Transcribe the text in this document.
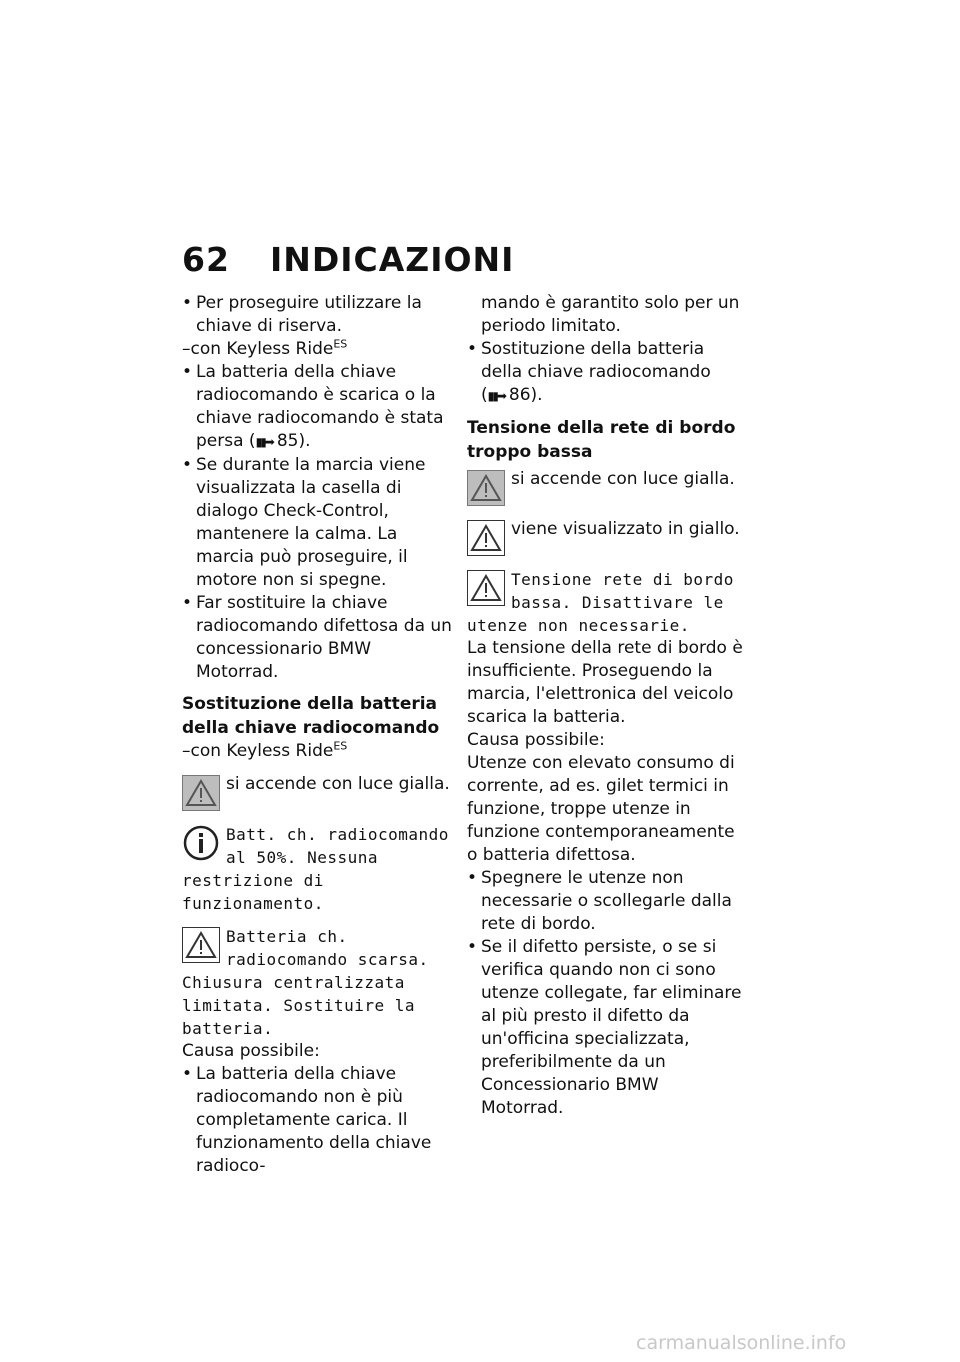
62 INDICAZIONI
• Per proseguire utilizzare la chiave di riserva.
–con Keyless Ride$^{ES}$
• La batteria della chiave radiocomando è scarica o la chiave radiocomando è stata persa (▮▮➡ 85).
• Se durante la marcia viene visualizzata la casella di dialogo Check-Control, mantenere la calma. La marcia può proseguire, il motore non si spegne.
• Far sostituire la chiave radiocomando difettosa da un concessionario BMW Motorrad.
Sostituzione della batteria della chiave radiocomando
–con Keyless Ride$^{ES}$
si accende con luce gialla.
Batt. ch. radiocomando al 50%. Nessuna restrizione di funzionamento.
Batteria ch. radiocomando scarsa. Chiusura centralizzata limitata. Sostituire la batteria.
Causa possibile:
• La batteria della chiave radiocomando non è più completamente carica. Il funzionamento della chiave radioco-
mando è garantito solo per un periodo limitato.
• Sostituzione della batteria della chiave radiocomando (▮▮➡ 86).
Tensione della rete di bordo troppo bassa
si accende con luce gialla.
viene visualizzato in giallo.
Tensione rete di bordo bassa. Disattivare le utenze non necessarie.
La tensione della rete di bordo è insufficiente. Proseguendo la marcia, l'elettronica del veicolo scarica la batteria.
Causa possibile:
Utenze con elevato consumo di corrente, ad es. gilet termici in funzione, troppe utenze in funzione contemporaneamente o batteria difettosa.
• Spegnere le utenze non necessarie o scollegarle dalla rete di bordo.
• Se il difetto persiste, o se si verifica quando non ci sono utenze collegate, far eliminare al più presto il difetto da un'officina specializzata, preferibilmente da un Concessionario BMW Motorrad.
carmanualsonline.info
